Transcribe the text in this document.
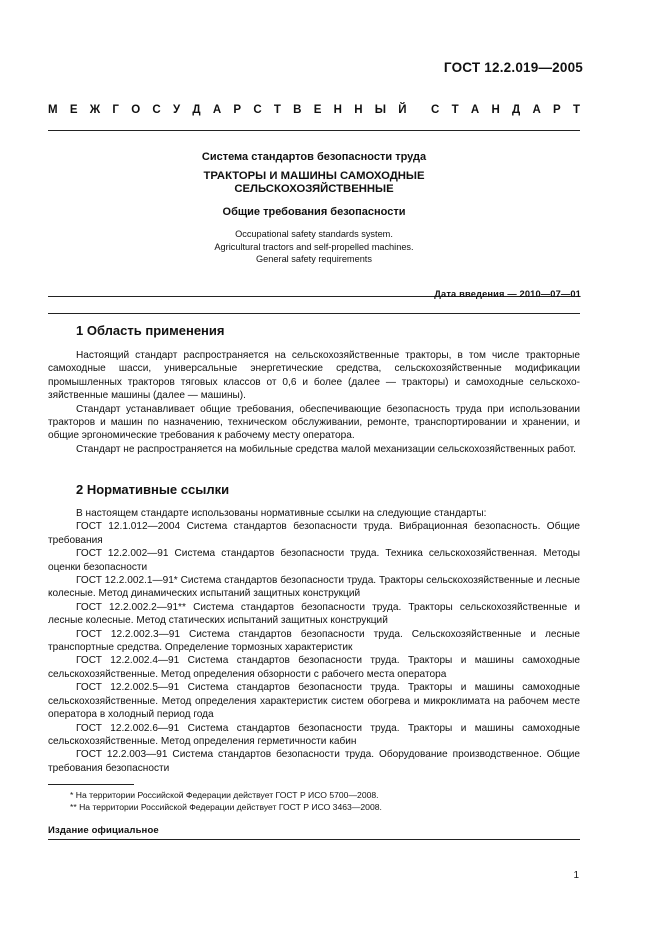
ГОСТ 12.2.019—2005
М Е Ж Г О С У Д А Р С Т В Е Н Н Ы Й С Т А Н Д А Р Т
Система стандартов безопасности труда
ТРАКТОРЫ И МАШИНЫ САМОХОДНЫЕ
СЕЛЬСКОХОЗЯЙСТВЕННЫЕ
Общие требования безопасности
Occupational safety standards system.
Agricultural tractors and self-propelled machines.
General safety requirements
Дата введения — 2010—07—01
1 Область применения

Настоящий стандарт распространяется на сельскохозяйственные тракторы, в том числе тракторные самоходные шасси, универсальные энергетические средства, сельскохозяйственные модификации промышленных тракторов тяговых классов от 0,6 и более (далее — тракторы) и самоходные сельскохозяйственные машины (далее — машины).

Стандарт устанавливает общие требования, обеспечивающие безопасность труда при использовании тракторов и машин по назначению, техническом обслуживании, ремонте, транспортировании и хранении, и общие эргономические требования к рабочему месту оператора.

Стандарт не распространяется на мобильные средства малой механизации сельскохозяйственных работ.

2 Нормативные ссылки

В настоящем стандарте использованы нормативные ссылки на следующие стандарты:

ГОСТ 12.1.012—2004 Система стандартов безопасности труда. Вибрационная безопасность. Общие требования

ГОСТ 12.2.002—91 Система стандартов безопасности труда. Техника сельскохозяйственная. Методы оценки безопасности

ГОСТ 12.2.002.1—91* Система стандартов безопасности труда. Тракторы сельскохозяйственные и лесные колесные. Метод динамических испытаний защитных конструкций

ГОСТ 12.2.002.2—91** Система стандартов безопасности труда. Тракторы сельскохозяйственные и лесные колесные. Метод статических испытаний защитных конструкций

ГОСТ 12.2.002.3—91 Система стандартов безопасности труда. Сельскохозяйственные и лесные транспортные средства. Определение тормозных характеристик

ГОСТ 12.2.002.4—91 Система стандартов безопасности труда. Тракторы и машины самоходные сельскохозяйственные. Метод определения обзорности с рабочего места оператора

ГОСТ 12.2.002.5—91 Система стандартов безопасности труда. Тракторы и машины самоходные сельскохозяйственные. Метод определения характеристик систем обогрева и микроклимата на рабочем месте оператора в холодный период года

ГОСТ 12.2.002.6—91 Система стандартов безопасности труда. Тракторы и машины самоходные сельскохозяйственные. Метод определения герметичности кабин

ГОСТ 12.2.003—91 Система стандартов безопасности труда. Оборудование производственное. Общие требования безопасности

* На территории Российской Федерации действует ГОСТ Р ИСО 5700—2008.
** На территории Российской Федерации действует ГОСТ Р ИСО 3463—2008.
Издание официальное
1
